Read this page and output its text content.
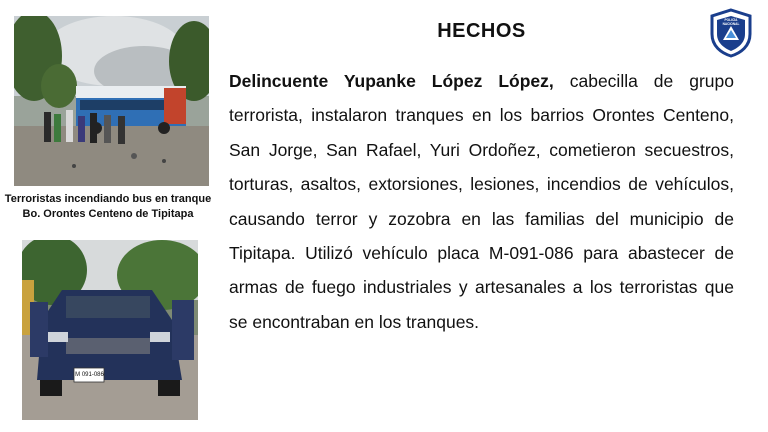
Terroristas incendiando bus en tranque Bo. Orontes Centeno de Tipitapa
M 091-086
HECHOS	POLICÍA NACIONAL
Delincuente Yupanke López López, cabecilla de grupo terrorista, instalaron tranques en los barrios Orontes Centeno, San Jorge, San Rafael, Yuri Ordoñez, cometieron secuestros, torturas, asaltos, extorsiones, lesiones, incendios de vehículos, causando terror y zozobra en las familias del municipio de Tipitapa. Utilizó vehículo placa M-091-086 para abastecer de armas de fuego industriales y artesanales a los terroristas que se encontraban en los tranques.
